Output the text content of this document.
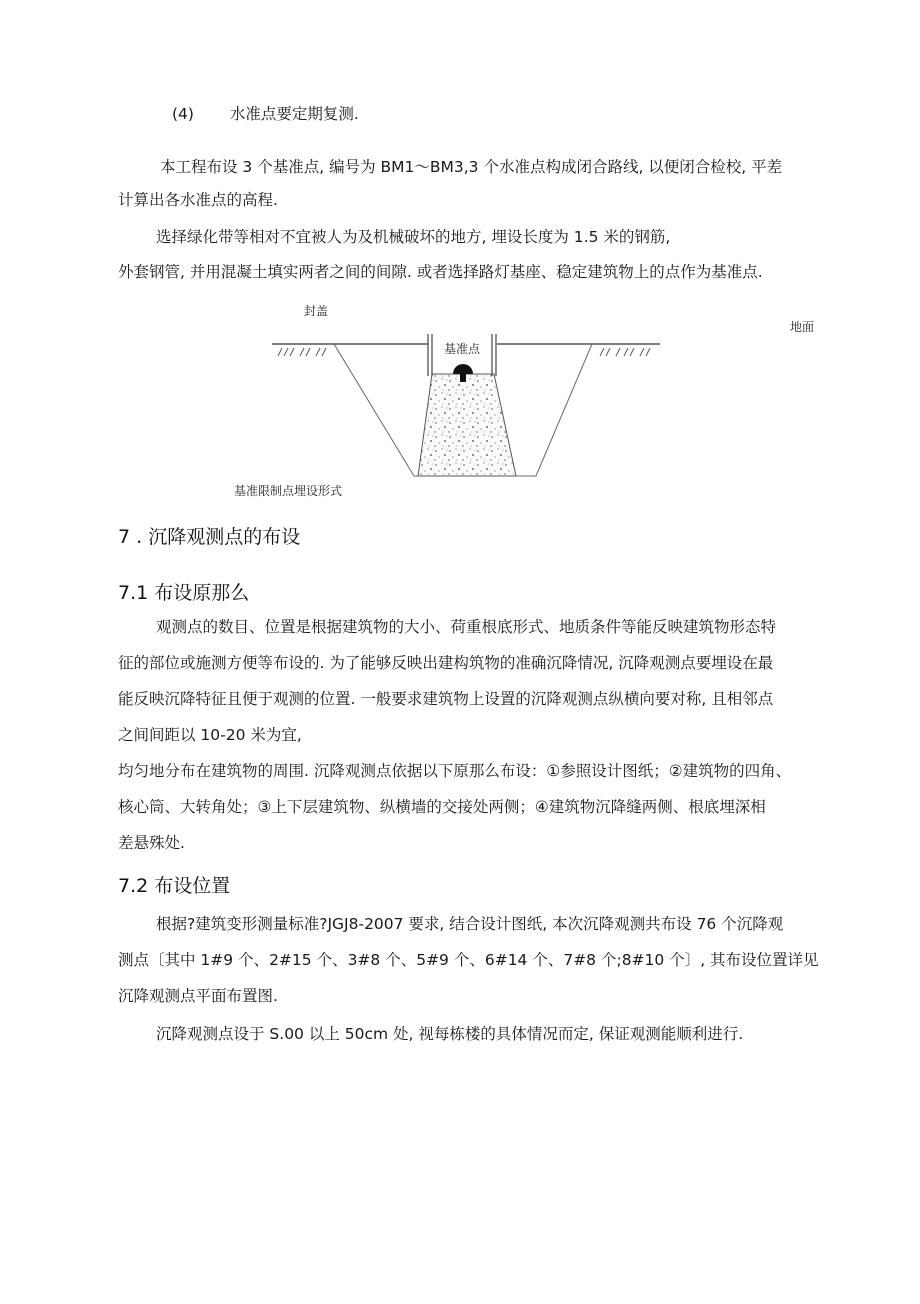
(4) 水准点要定期复测.
本工程布设 3 个基准点, 编号为 BM1〜BM3,3 个水准点构成闭合路线, 以便闭合检校, 平差
计算出各水准点的高程.
选择绿化带等相对不宜被人为及机械破坏的地方, 埋设长度为 1.5 米的钢筋,
外套钢管, 并用混凝土填实两者之间的间隙. 或者选择路灯基座、稳定建筑物上的点作为基准点.
封盖
地面
基准点
基准限制点埋设形式
7 . 沉降观测点的布设
7.1 布设原那么
观测点的数目、位置是根据建筑物的大小、荷重根底形式、地质条件等能反映建筑物形态特
征的部位或施测方便等布设的. 为了能够反映出建构筑物的准确沉降情况, 沉降观测点要埋设在最
能反映沉降特征且便于观测的位置. 一般要求建筑物上设置的沉降观测点纵横向要对称, 且相邻点
之间间距以 10-20 米为宜,
均匀地分布在建筑物的周围. 沉降观测点依据以下原那么布设：①参照设计图纸；②建筑物的四角、
核心筒、大转角处；③上下层建筑物、纵横墙的交接处两侧；④建筑物沉降缝两侧、根底埋深相
差悬殊处.
7.2 布设位置
根据?建筑变形测量标准?JGJ8-2007 要求, 结合设计图纸, 本次沉降观测共布设 76 个沉降观
测点〔其中 1#9 个、2#15 个、3#8 个、5#9 个、6#14 个、7#8 个;8#10 个〕, 其布设位置详见
沉降观测点平面布置图.
沉降观测点设于 S.00 以上 50cm 处, 视每栋楼的具体情况而定, 保证观测能顺利进行.
